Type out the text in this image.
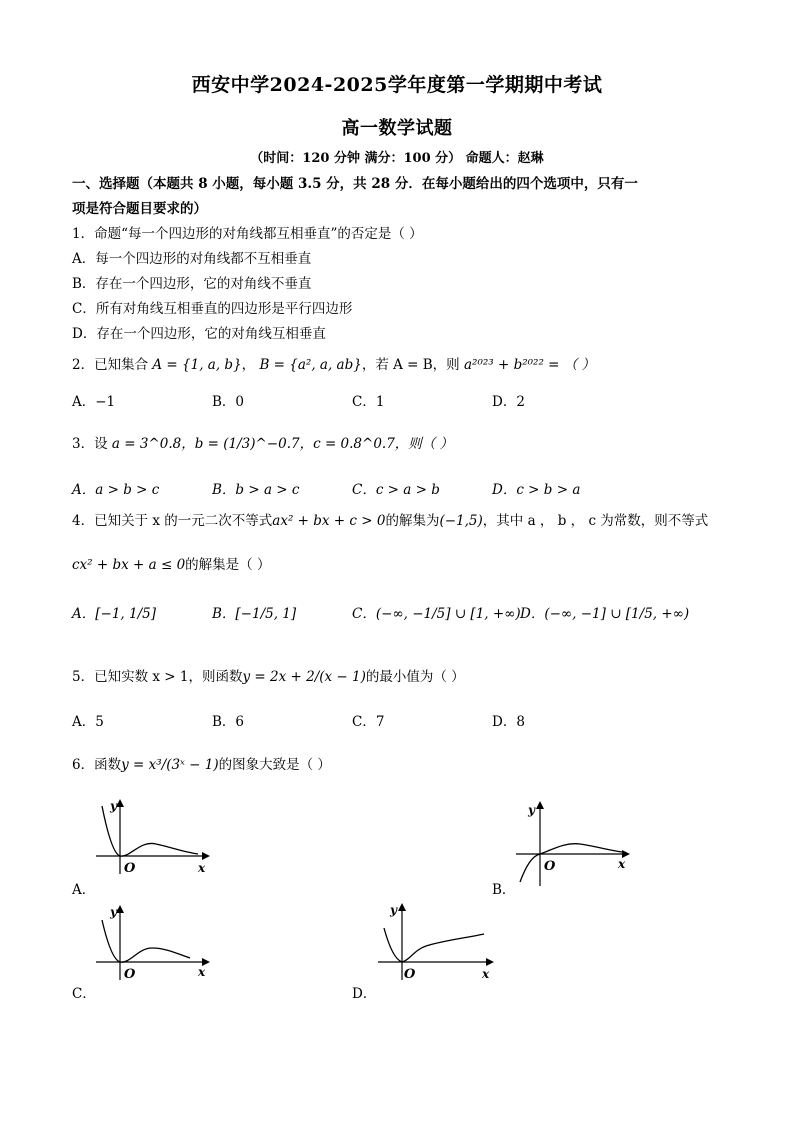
西安中学2024-2025学年度第一学期期中考试
高一数学试题
（时间：120 分钟 满分：100 分） 命题人：赵琳
一、选择题（本题共 8 小题，每小题 3.5 分，共 28 分．在每小题给出的四个选项中，只有一
项是符合题目要求的）
1．命题“每一个四边形的对角线都互相垂直”的否定是（ ）
A．每一个四边形的对角线都不互相垂直
B．存在一个四边形，它的对角线不垂直
C．所有对角线互相垂直的四边形是平行四边形
D．存在一个四边形，它的对角线互相垂直
2．已知集合 A = {1, a, b}， B = {a², a, ab}，若 A = B，则 a²⁰²³ + b²⁰²² = （ ）
A．−1	B．0	C．1	D．2
3．设 a = 3^0.8，b = (1/3)^−0.7，c = 0.8^0.7，则（ ）
A．a > b > c	B．b > a > c	C．c > a > b	D．c > b > a
4．已知关于 x 的一元二次不等式ax² + bx + c > 0的解集为(−1,5)，其中 a ， b ， c 为常数，则不等式
cx² + bx + a ≤ 0的解集是（ ）
A．[−1, 1/5]	B．[−1/5, 1]	C．(−∞, −1/5] ∪ [1, +∞) D．(−∞, −1] ∪ [1/5, +∞)
5．已知实数 x > 1，则函数y = 2x + 2/(x − 1)的最小值为（ ）
A．5	B．6	C．7	D．8
6．函数y = x³/(3ˣ − 1)的图象大致是（ ）
y
O	x
A．
y
O	x
B．
y
O	x
C．
y
O	x
D．
